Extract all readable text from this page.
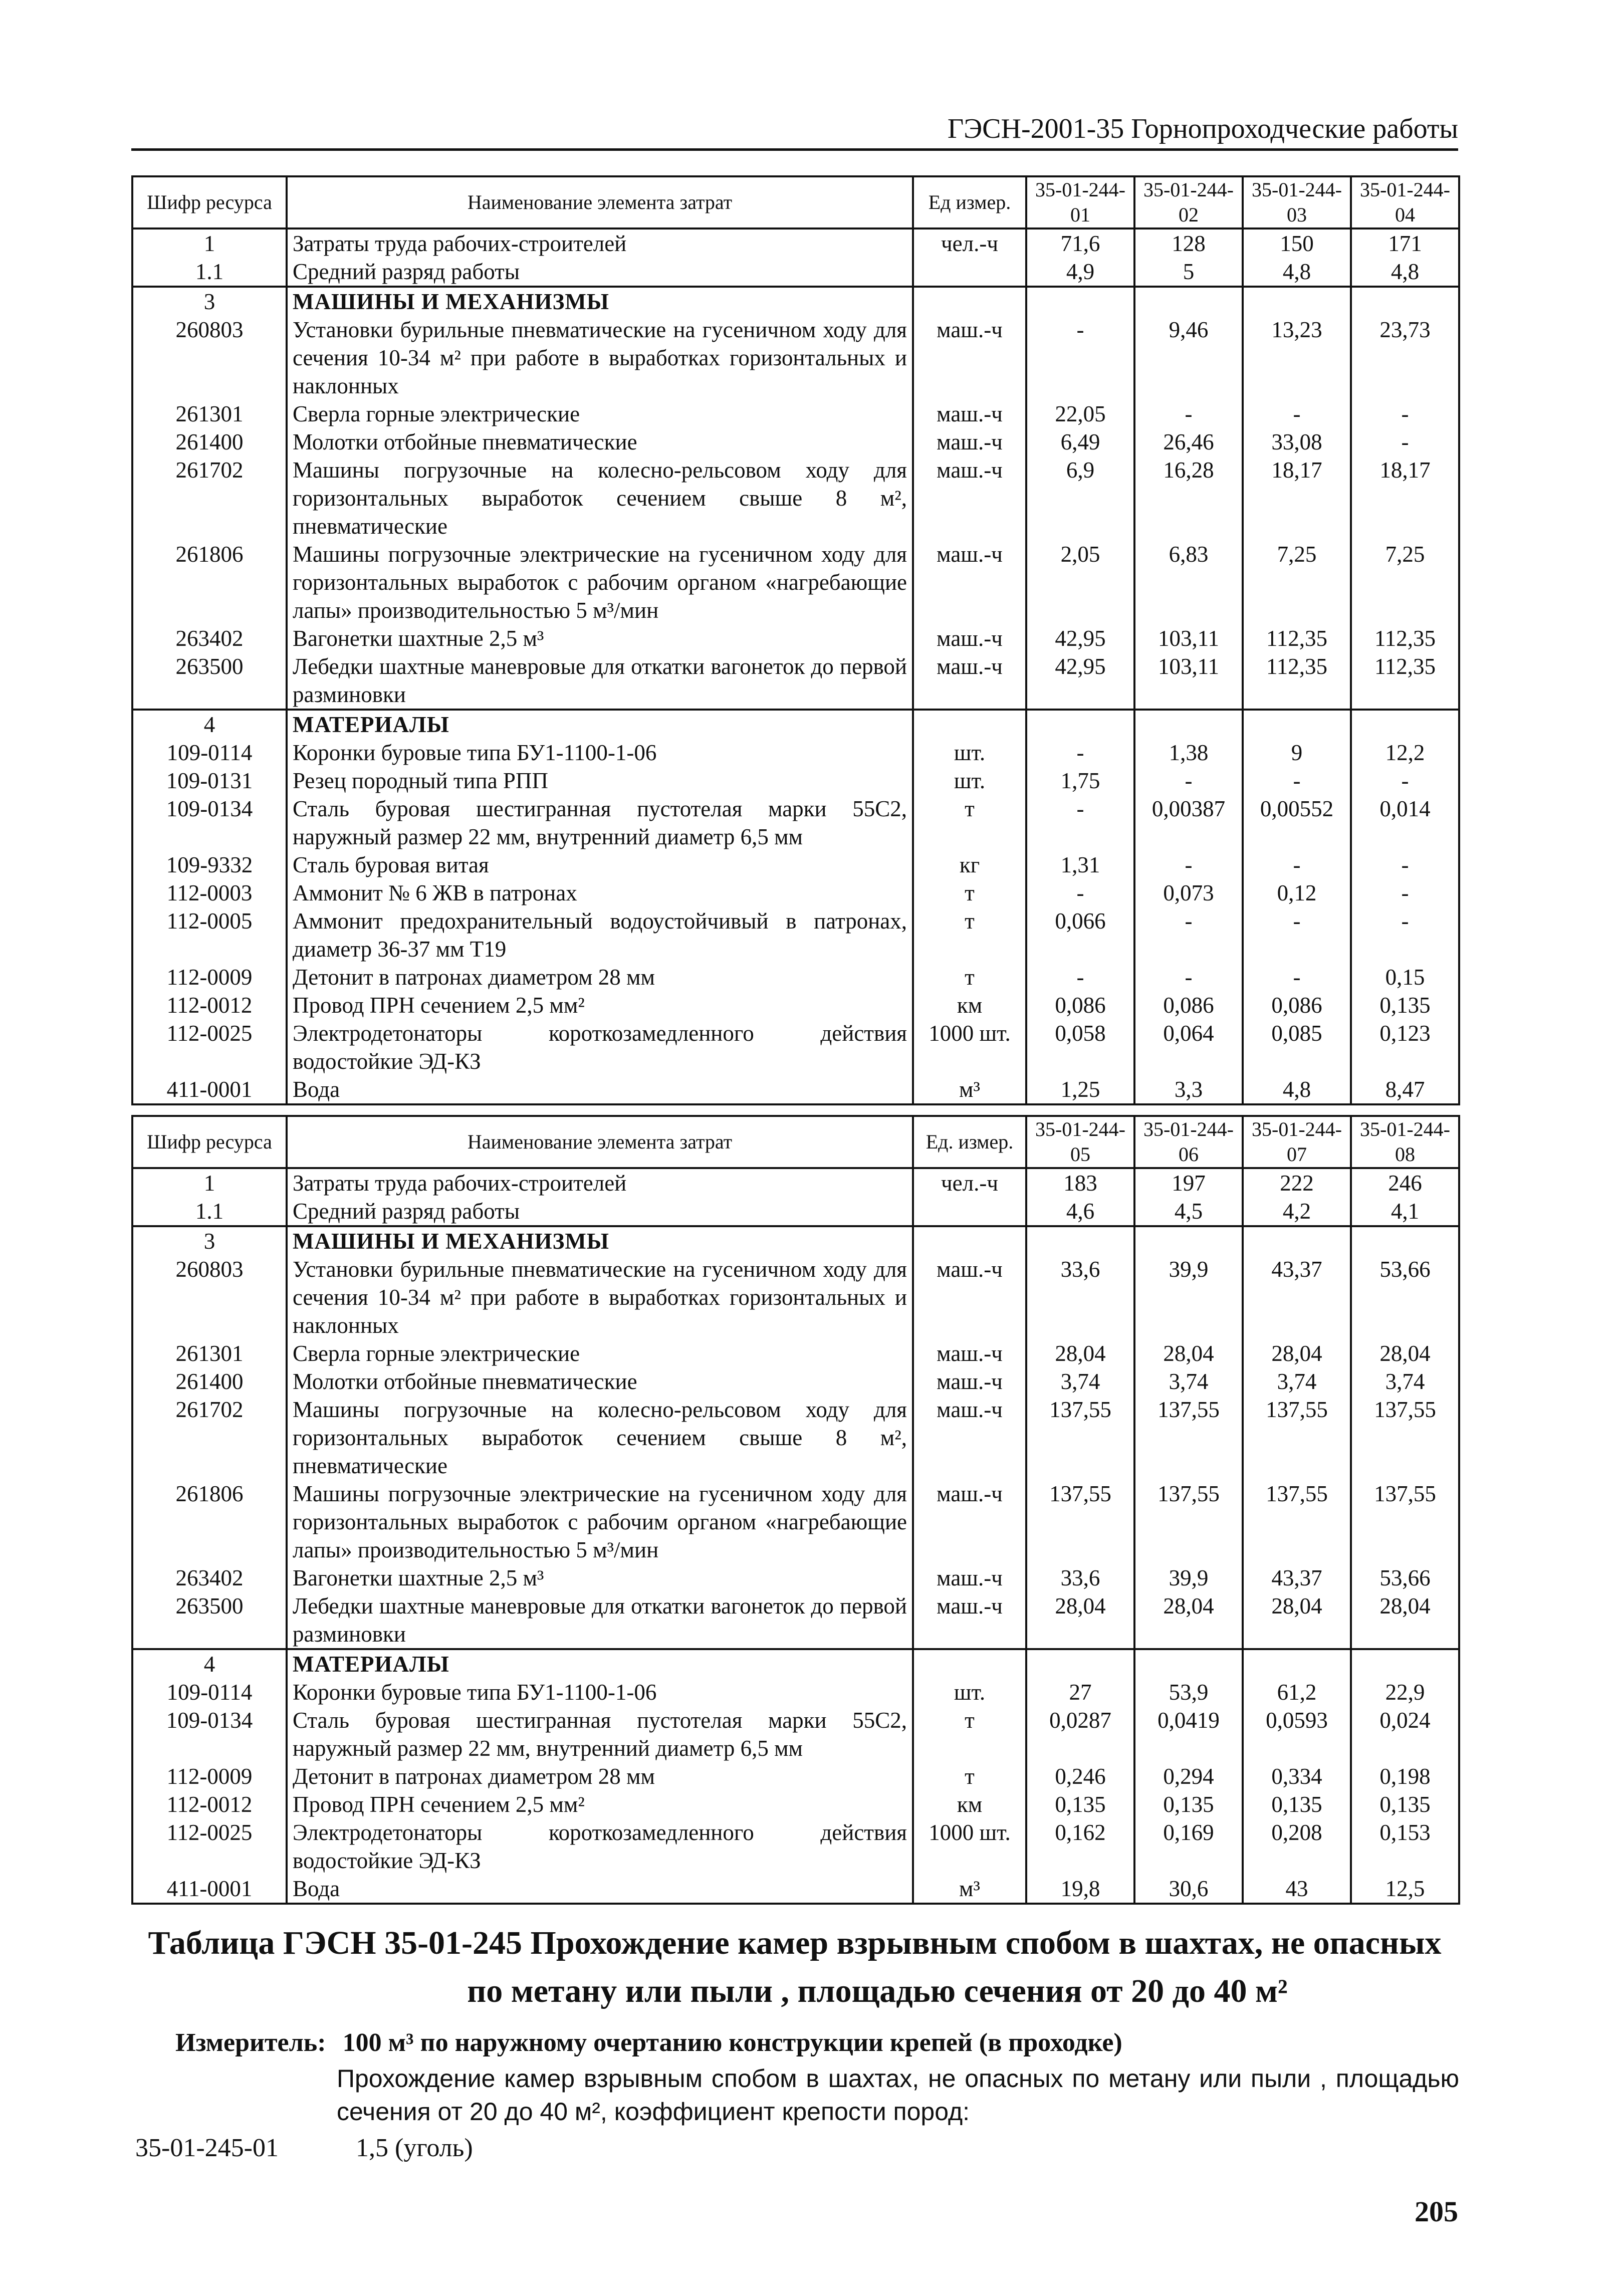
ГЭСН-2001-35 Горнопроходческие работы
Шифр ресурса	Наименование элемента затрат	Ед измер.	35-01-244-01	35-01-244-02	35-01-244-03	35-01-244-04
1	Затраты труда рабочих-строителей	чел.-ч	71,6	128	150	171
1.1	Средний разряд работы		4,9	5	4,8	4,8
3	МАШИНЫ И МЕХАНИЗМЫ					
260803	Установки бурильные пневматические на гусеничном ходу для сечения 10-34 м² при работе в выработках горизонтальных и наклонных	маш.-ч	-	9,46	13,23	23,73
261301	Сверла горные электрические	маш.-ч	22,05	-	-	-
261400	Молотки отбойные пневматические	маш.-ч	6,49	26,46	33,08	-
261702	Машины погрузочные на колесно-рельсовом ходу для горизонтальных выработок сечением свыше 8 м², пневматические	маш.-ч	6,9	16,28	18,17	18,17
261806	Машины погрузочные электрические на гусеничном ходу для горизонтальных выработок с рабочим органом «нагребающие лапы» производительностью 5 м³/мин	маш.-ч	2,05	6,83	7,25	7,25
263402	Вагонетки шахтные 2,5 м³	маш.-ч	42,95	103,11	112,35	112,35
263500	Лебедки шахтные маневровые для откатки вагонеток до первой разминовки	маш.-ч	42,95	103,11	112,35	112,35
4	МАТЕРИАЛЫ					
109-0114	Коронки буровые типа БУ1-1100-1-06	шт.	-	1,38	9	12,2
109-0131	Резец породный типа РПП	шт.	1,75	-	-	-
109-0134	Сталь буровая шестигранная пустотелая марки 55С2, наружный размер 22 мм, внутренний диаметр 6,5 мм	т	-	0,00387	0,00552	0,014
109-9332	Сталь буровая витая	кг	1,31	-	-	-
112-0003	Аммонит № 6 ЖВ в патронах	т	-	0,073	0,12	-
112-0005	Аммонит предохранительный водоустойчивый в патронах, диаметр 36-37 мм Т19	т	0,066	-	-	-
112-0009	Детонит в патронах диаметром 28 мм	т	-	-	-	0,15
112-0012	Провод ПРН сечением 2,5 мм²	км	0,086	0,086	0,086	0,135
112-0025	Электродетонаторы короткозамедленного действия водостойкие ЭД-КЗ	1000 шт.	0,058	0,064	0,085	0,123
411-0001	Вода	м³	1,25	3,3	4,8	8,47
Шифр ресурса	Наименование элемента затрат	Ед. измер.	35-01-244-05	35-01-244-06	35-01-244-07	35-01-244-08
1	Затраты труда рабочих-строителей	чел.-ч	183	197	222	246
1.1	Средний разряд работы		4,6	4,5	4,2	4,1
3	МАШИНЫ И МЕХАНИЗМЫ					
260803	Установки бурильные пневматические на гусеничном ходу для сечения 10-34 м² при работе в выработках горизонтальных и наклонных	маш.-ч	33,6	39,9	43,37	53,66
261301	Сверла горные электрические	маш.-ч	28,04	28,04	28,04	28,04
261400	Молотки отбойные пневматические	маш.-ч	3,74	3,74	3,74	3,74
261702	Машины погрузочные на колесно-рельсовом ходу для горизонтальных выработок сечением свыше 8 м², пневматические	маш.-ч	137,55	137,55	137,55	137,55
261806	Машины погрузочные электрические на гусеничном ходу для горизонтальных выработок с рабочим органом «нагребающие лапы» производительностью 5 м³/мин	маш.-ч	137,55	137,55	137,55	137,55
263402	Вагонетки шахтные 2,5 м³	маш.-ч	33,6	39,9	43,37	53,66
263500	Лебедки шахтные маневровые для откатки вагонеток до первой разминовки	маш.-ч	28,04	28,04	28,04	28,04
4	МАТЕРИАЛЫ					
109-0114	Коронки буровые типа БУ1-1100-1-06	шт.	27	53,9	61,2	22,9
109-0134	Сталь буровая шестигранная пустотелая марки 55С2, наружный размер 22 мм, внутренний диаметр 6,5 мм	т	0,0287	0,0419	0,0593	0,024
112-0009	Детонит в патронах диаметром 28 мм	т	0,246	0,294	0,334	0,198
112-0012	Провод ПРН сечением 2,5 мм²	км	0,135	0,135	0,135	0,135
112-0025	Электродетонаторы короткозамедленного действия водостойкие ЭД-КЗ	1000 шт.	0,162	0,169	0,208	0,153
411-0001	Вода	м³	19,8	30,6	43	12,5
Таблица ГЭСН 35-01-245 Прохождение камер взрывным спобом в шахтах, не опасных
по метану или пыли , площадью сечения от 20 до 40 м²
Измеритель: 100 м³ по наружному очертанию конструкции крепей (в проходке)
Прохождение камер взрывным спобом в шахтах, не опасных по метану или пыли , площадью сечения от 20 до 40 м², коэффициент крепости пород:
35-01-245-01	1,5 (уголь)
205
